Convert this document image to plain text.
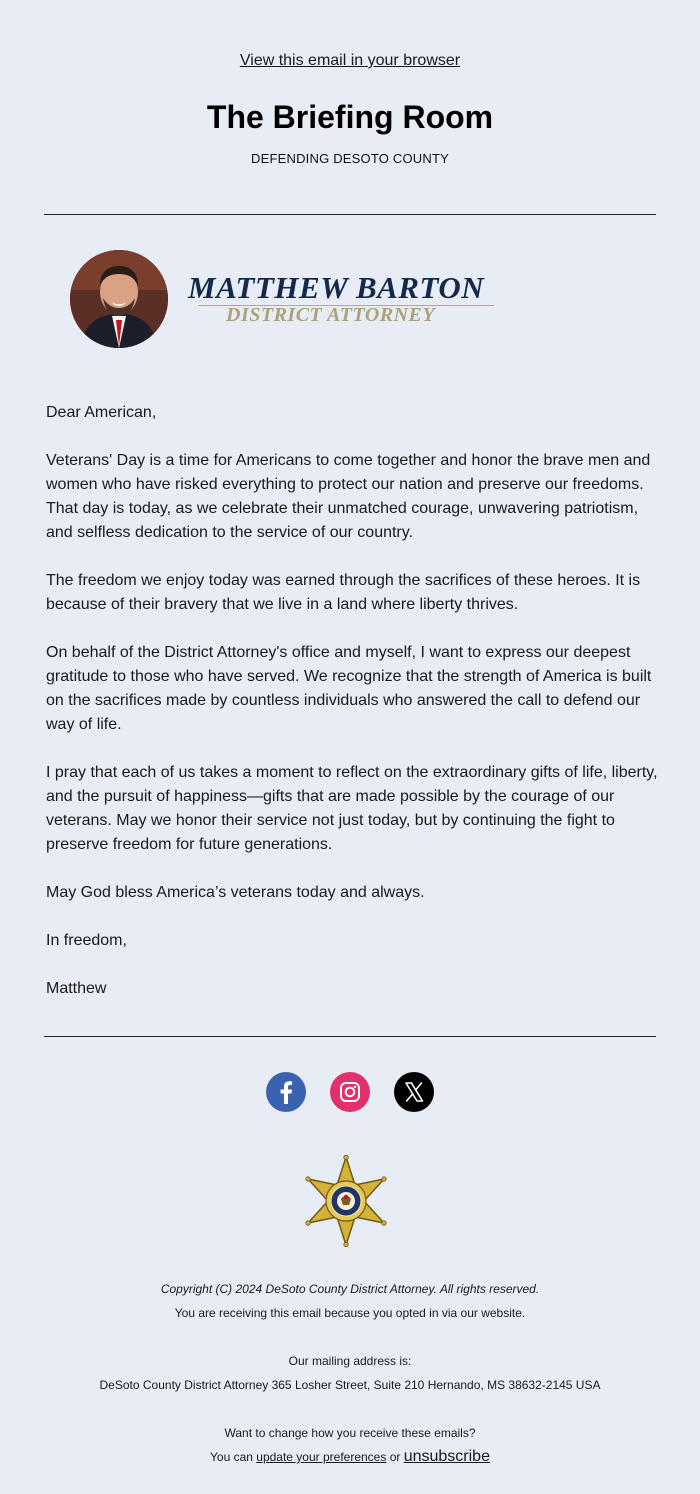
View this email in your browser
The Briefing Room
DEFENDING DESOTO COUNTY
MATTHEW BARTON
DISTRICT ATTORNEY

Dear American,

Veterans' Day is a time for Americans to come together and honor the brave men and women who have risked everything to protect our nation and preserve our freedoms. That day is today, as we celebrate their unmatched courage, unwavering patriotism, and selfless dedication to the service of our country.

The freedom we enjoy today was earned through the sacrifices of these heroes. It is because of their bravery that we live in a land where liberty thrives.

On behalf of the District Attorney's office and myself, I want to express our deepest gratitude to those who have served. We recognize that the strength of America is built on the sacrifices made by countless individuals who answered the call to defend our way of life.

I pray that each of us takes a moment to reflect on the extraordinary gifts of life, liberty, and the pursuit of happiness—gifts that are made possible by the courage of our veterans. May we honor their service not just today, but by continuing the fight to preserve freedom for future generations.

May God bless America’s veterans today and always.

In freedom,

Matthew

Copyright (C) 2024 DeSoto County District Attorney. All rights reserved.
You are receiving this email because you opted in via our website.
Our mailing address is:
DeSoto County District Attorney 365 Losher Street, Suite 210 Hernando, MS 38632-2145 USA
Want to change how you receive these emails?
You can update your preferences or unsubscribe
